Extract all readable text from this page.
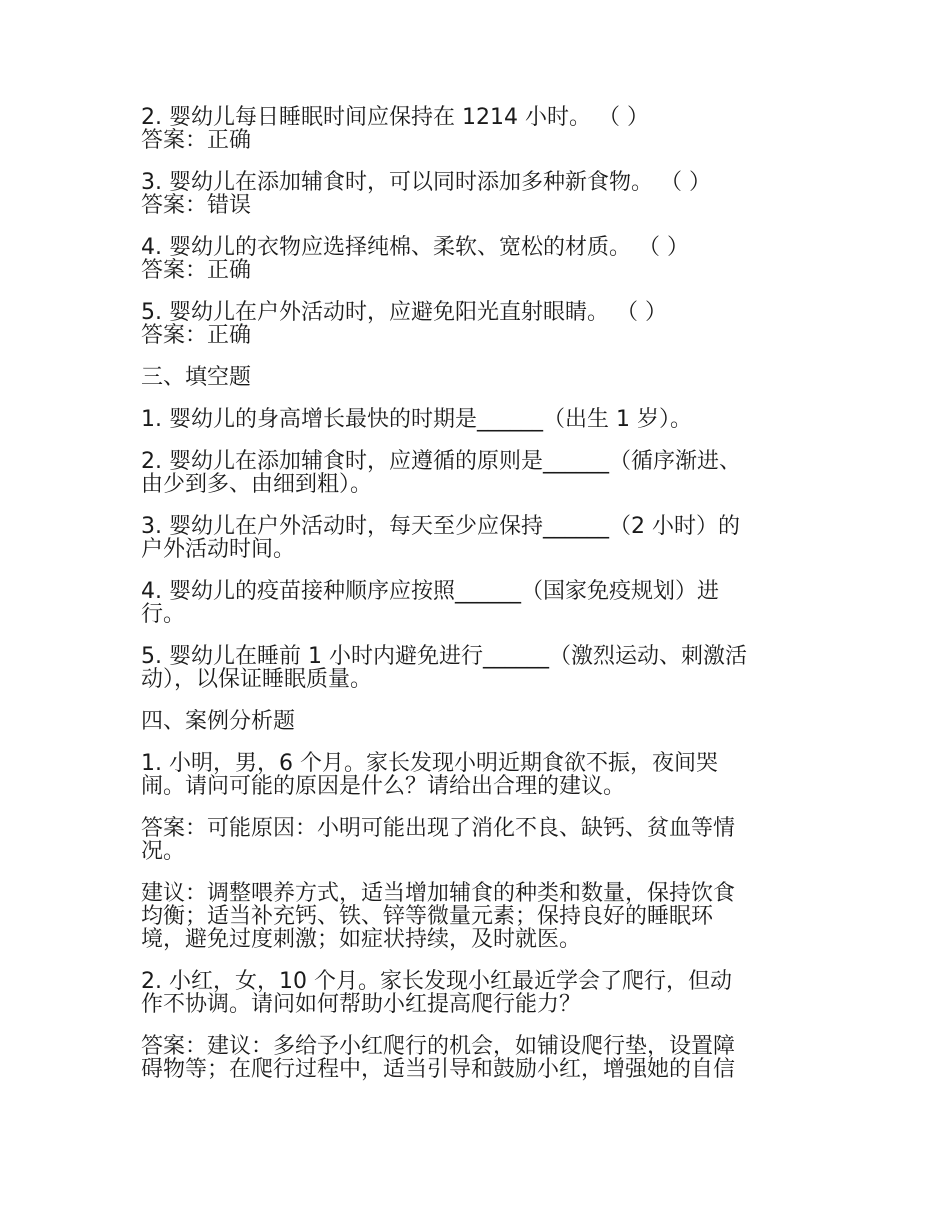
2. 婴幼儿每日睡眠时间应保持在 1214 小时。 （ ）
答案：正确
3. 婴幼儿在添加辅食时，可以同时添加多种新食物。 （ ）
答案：错误
4. 婴幼儿的衣物应选择纯棉、柔软、宽松的材质。 （ ）
答案：正确
5. 婴幼儿在户外活动时，应避免阳光直射眼睛。 （ ）
答案：正确
三、填空题
1. 婴幼儿的身高增长最快的时期是______（出生 1 岁）。
2. 婴幼儿在添加辅食时，应遵循的原则是______（循序渐进、
由少到多、由细到粗）。
3. 婴幼儿在户外活动时，每天至少应保持______（2 小时）的
户外活动时间。
4. 婴幼儿的疫苗接种顺序应按照______（国家免疫规划）进
行。
5. 婴幼儿在睡前 1 小时内避免进行______（激烈运动、刺激活
动），以保证睡眠质量。
四、案例分析题
1. 小明，男，6 个月。家长发现小明近期食欲不振，夜间哭
闹。请问可能的原因是什么？请给出合理的建议。
答案：可能原因：小明可能出现了消化不良、缺钙、贫血等情
况。
建议：调整喂养方式，适当增加辅食的种类和数量，保持饮食
均衡；适当补充钙、铁、锌等微量元素；保持良好的睡眠环
境，避免过度刺激；如症状持续，及时就医。
2. 小红，女，10 个月。家长发现小红最近学会了爬行，但动
作不协调。请问如何帮助小红提高爬行能力？
答案：建议：多给予小红爬行的机会，如铺设爬行垫，设置障
碍物等；在爬行过程中，适当引导和鼓励小红，增强她的自信
